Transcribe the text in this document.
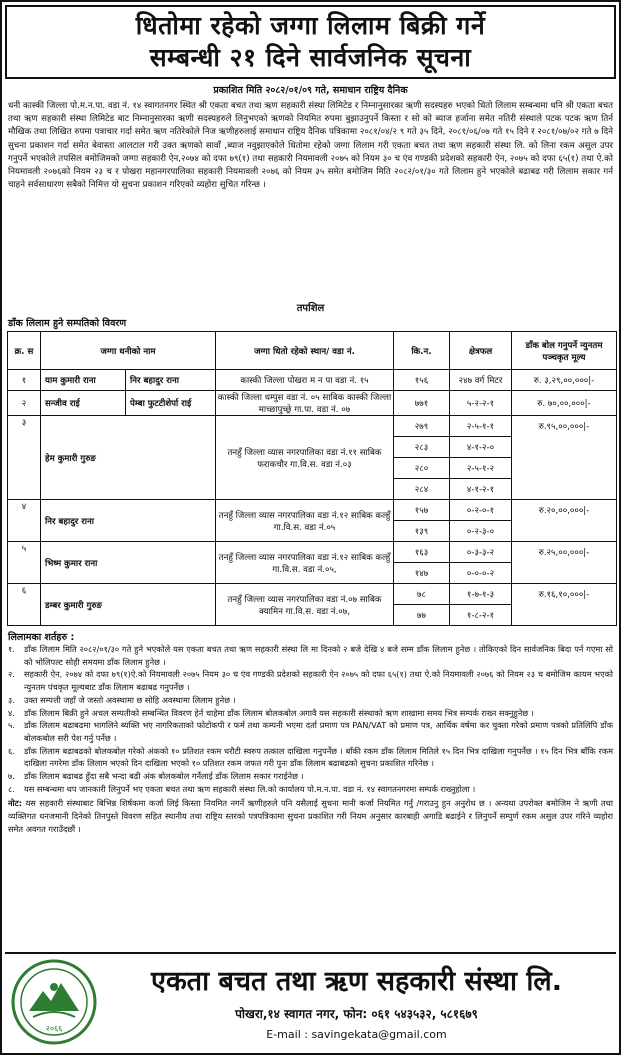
धितोमा रहेको जग्गा लिलाम बिक्री गर्ने
सम्बन्धी २१ दिने सार्वजनिक सूचना
प्रकाशित मिति २०८२/०१/०९ गते, समाधान राष्ट्रिय दैनिक
धनी कास्की जिल्ला पो.म.न.पा. वडा नं. १४ स्वागतनगर स्थित श्री एकता बचत तथा ऋण सहकारी संस्था लिमिटेड र निम्नानुसारका ऋणी सदस्यहरु भएको धितो लिलाम सम्बन्धमा धनि श्री एकता बचत तथा ऋण सहकारी संस्था लिमिटेड बाट निम्नानुसारका ऋणी सदस्यहरुले लिनुभएको ऋणको नियमित रुपमा बुझाउनुपर्ने किस्ता र सो को ब्याज हर्जाना समेत नतिरी संस्थाले पटक पटक ऋण तिर्न मौखिक तथा लिखित रुपमा पत्राचार गर्दा समेत ऋण नतिरेकोले निज ऋणीहरुलाई समाधान राष्ट्रिय दैनिक पत्रिकामा २०८१/०४/२ ९ गते ३५ दिने, २०८१/०६/०७ गते १५ दिने र २०८१/०७/०२ गते ७ दिने सुचना प्रकाशन गर्दा समेत बेवास्ता आलटाल गरी उक्त ऋणको सावाँ ,ब्याज नवुझाएकोले धितोमा रहेको जग्गा लिलाम गरी एकता बचत तथा ऋण सहकारी संस्था लि. को लिना रकम असुल उपर गनुपर्ने भएकोले तपसिल बमोजिमको जग्गा सहकारी ऐन,२०७४ को दफा ७९(१) तथा सहकारी नियमावली २०७५ को नियम ३० च एंव गण्डकी प्रदेशको सहकारी ऐन, २०७५ को दफा ६५(१) तथा ऐ.को नियमावली २०७६को नियम २३ च र पोखरा महानगरपालिका सहकारी नियमावली २०७६ को नियम ३५ समेत बमोजिम मिति २०८२/०१/३० गते लिलाम हुने भएकोले बढाबढ गरी लिलाम सकार गर्न चाहने सर्वसाधारण सबैको निमित्त यो सुचना प्रकाशन गरिएको व्यहोरा सुचित गरिन्छ ।
तपशिल
डाँक लिलाम हुने सम्पतिको विवरण
क्र. स	जग्गा धनीको नाम		जग्गा धितो रहेको स्थान/ वडा नं.	कि.न.	क्षेत्रफल	डाँक बोल गनुपर्ने न्युनतम पञ्चकृत मूल्य
१	याम कुमारी राना	निर बहादुर राना	कास्की जिल्ला पोखरा म न पा वडा नं. १५	१५६	२४७ वर्ग मिटर	रु. ३,२९,००,०००|-
२	सन्जीव राई	पेम्बा फुटटीशेर्पा राई	कास्की जिल्ला धम्पुस वडा नं. ०५ साबिक कास्की जिल्ला माच्छापुच्छ्रे गा.पा. वडा नं. ०७	७७१	५-२-२-१	रु. ७०,००,०००|-
३	हेम कुमारी गुरुङ		तनहुँ जिल्ला व्यास नगरपालिका वडा नं.११ साबिक फराकचौर गा.वि.स. वडा नं.०३	२७९	२-५-१-१	रु.९५,००,०००|-
				२८३	४-१-२-०	
				२८०	२-५-१-२	
				२८४	४-१-२-१	
४	निर बहादुर राना		तनहुँ जिल्ला व्यास नगरपालिका वडा नं.१२ साबिक कल्हुँ गा.वि.स. वडा नं.०५	१५७	०-२-०-१	रु.२०,००,०००|-
				१३९	०-२-३-०	
५	भिष्म कुमार राना		तनहुँ जिल्ला व्यास नगरपालिका वडा नं.१२ साबिक कल्हुँ गा.वि.स. वडा नं.०५,	१६३	०-३-३-२	रु.२५,००,०००|-
				१४७	०-०-०-२	
६	डम्बर कुमारी गुरुङ		तनहुँ जिल्ला व्यास नगरपालिका वडा नं.०७ साबिक क्यामिन गा.वि.स. वडा नं.०७,	७८	१-७-१-३	रु.१६,१०,०००|-
				७७	१-८-२-१	
लिलामका शर्तहरु :
१.	डाँक लिलाम मिति २०८२/०१/३० गते हुने भएकोले यस एकता बचत तथा ऋण सहकारी संस्था लि मा दिनको २ बजे देखि ४ बजे सम्म डाँक लिलाम हुनेछ । तोकिएको दिन सार्वजनिक बिदा पर्न गएमा सो को भोलिपल्ट सोही समयमा डाँक लिलाम हुनेछ ।
२.	सहकारी ऐन, २०७४ को दफा ७९(१)ऐ.को नियमावली २०७५ नियम ३० च एंव गण्डकी प्रदेशको सहकारी ऐन २०७५ को दफा ६५(१) तथा ऐ.को नियमावली २०७६ को नियम २३ च बमोजिम कायम भएको न्युनतम पंचकृत मूल्यबाट डाँक लिलाम बढाबढ गनुपर्नेछ ।
३.	उक्त सम्पत्ती जहाँ जे जस्तो अवस्थामा छ सोहि अवस्थामा लिलाम हुनेछ ।
४.	डाँक लिलाम बिक्री हुने अचल सम्पतीको सम्बन्धित विवरण हेर्न चाहेमा डाँक लिलाम बोलकबोल अगावै यस सहकारी संस्थाको ऋण शाखामा समय भित्र सम्पर्क राख्न सक्नुहुनेछ ।
५.	डाँक लिलाम बढाबढमा भागलिने ब्यक्ति भए नागरिकताको फोटोकपी र फर्म तथा कम्पनी भएमा दर्ता प्रमाण पत्र PAN/VAT को प्रमाण पत्र, आर्थिक वर्षमा कर चुक्ता गरेको प्रमाण पत्रको प्रतिलिपि डाँक बोलकबोल सरी पेश गर्नु पर्नेछ ।
६.	डाँक लिलाम बढाबढको बोलकबोल गरेको अंकको १० प्रतिशत रकम धरौटी स्वरुप तत्काल दाखिला गनुपर्नेछ । बाँकी रकम डाँक लिलाम मितिले १५ दिन भित्र दाखिला गनुपर्नेछ । १५ दिन भित्र बाँकि रकम दाखिला नगरेमा डाँक लिलाम भएको दिन दाखिला भएको १० प्रतिशत रकम जफत गरी पुनः डाँक लिलाम बढाबढको सुचना प्रकाशित गरिनेछ ।
७.	डाँक लिलाम बढाबढ हुँदा सबै भन्दा बढी अंक बोलकबोल गर्नेलाई डाँक लिलाम सकार गराईनेछ ।
८.	यस सम्बन्धमा थप जानकारी लिनुपर्ने भए एकता बचत तथा ऋण सहकारी संस्था लि.को कार्यालय पो.म.न.पा. वडा नं. १४ स्वागतनगरमा सम्पर्क राख्नुहोला ।
नोट: यस सहकारी संस्थाबाट बिभिन्न शिर्षकमा कर्जा लिई किस्ता नियमित नगर्ने ऋणीहरुले पनि यसैलाई सुचना मानी कर्जा नियमित गर्नु /गराउनु हुन अनुरोध छ । अन्यथा उपरोक्त बमोजिम ने ऋणी तथा व्यक्तिगत धनजमानी दिनेको तिनपुस्ते विवरण सहित स्थानीय तथा राष्ट्रिय स्तरको पत्रपत्रिकामा सुचना प्रकाशित गरी नियम अनुसार कारबाही अगाडि बढाईने र लिनुपर्ने सम्पुर्ण रकम असुल उपर गरिने व्यहोरा समेत अवगत गराउँदछौं ।
२०६६
एकता बचत तथा ऋण सहकारी संस्था लि.
पोखरा,१४ स्वागत नगर, फोन: ०६१ ५४३५३२, ५८१६७९
E-mail : savingekata@gmail.com
